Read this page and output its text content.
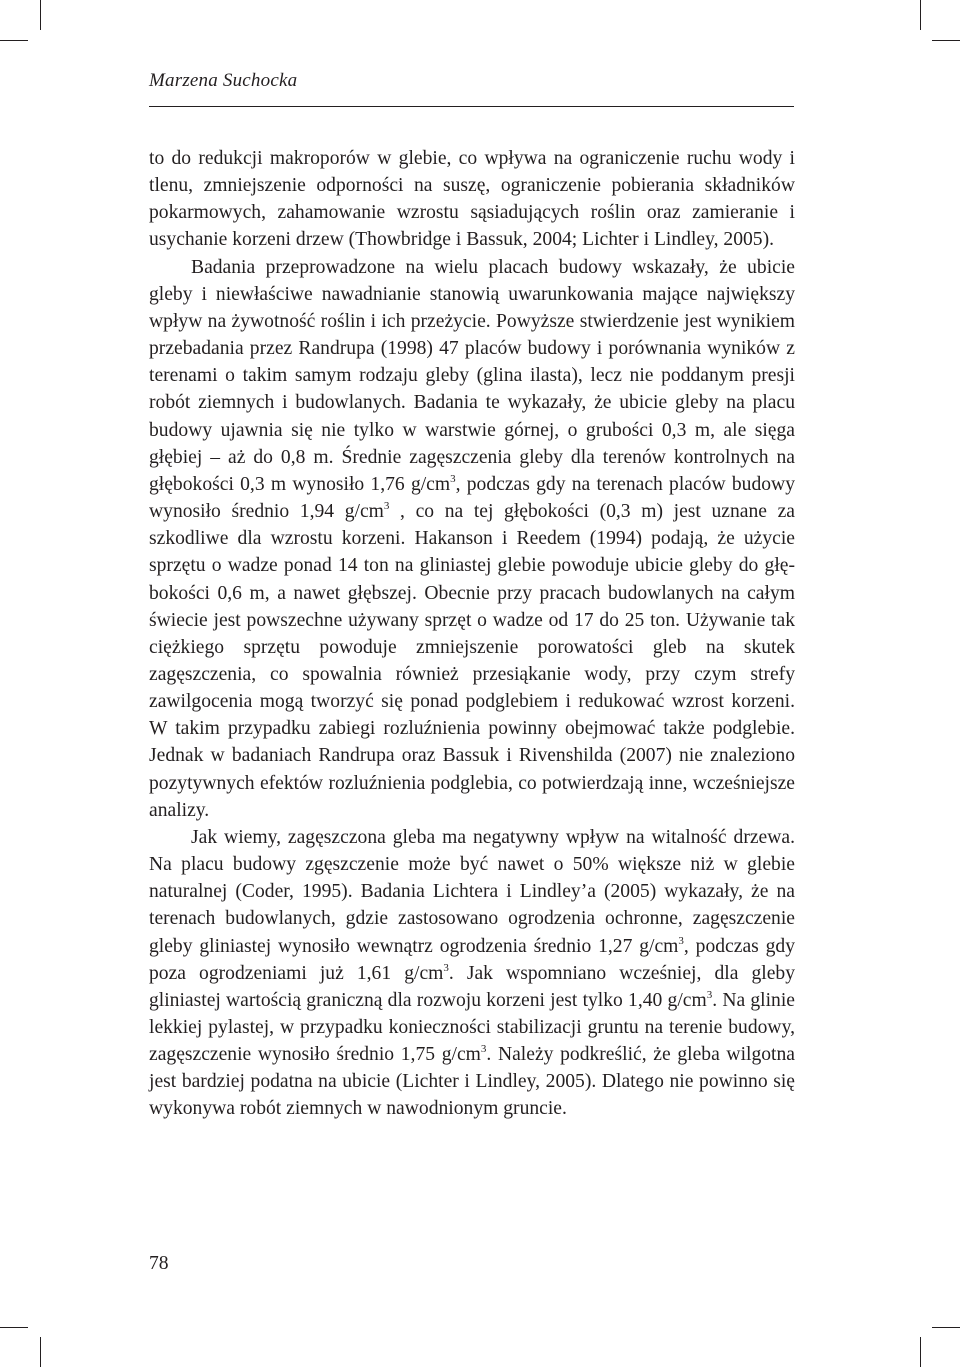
Marzena Suchocka

to do redukcji makroporów w glebie, co wpływa na ograniczenie ruchu wody i tlenu, zmniejszenie odporności na suszę, ograniczenie pobierania składników pokarmowych, zahamowanie wzrostu sąsiadujących roślin oraz zamieranie i usychanie korzeni drzew (Thowbridge i Bassuk, 2004; Lichter i Lindley, 2005).

Badania przeprowadzone na wielu placach budowy wskazały, że ubicie gleby i niewłaściwe nawadnianie stanowią uwarunkowania mające największy wpływ na żywotność roślin i ich przeżycie. Powyższe stwierdzenie jest wynikiem przebadania przez Randrupa (1998) 47 placów budowy i porównania wyników z terenami o takim samym rodzaju gleby (glina ilasta), lecz nie poddanym presji robót ziemnych i budowlanych. Badania te wykazały, że ubicie gleby na placu budowy ujawnia się nie tylko w warstwie górnej, o grubości 0,3 m, ale sięga głębiej – aż do 0,8 m. Średnie zagęszczenia gleby dla terenów kontrolnych na głębokości 0,3 m wynosiło 1,76 $g/cm^3$, podczas gdy na terenach placów budowy wynosiło średnio 1,94 $g/cm^3$ , co na tej głębokości (0,3 m) jest uznane za szkodliwe dla wzrostu korzeni. Hakanson i Reedem (1994) podają, że użycie sprzętu o wadze ponad 14 ton na gliniastej glebie powoduje ubicie gleby do głębokości 0,6 m, a nawet głębszej. Obecnie przy pracach budowlanych na całym świecie jest powszechne używany sprzęt o wadze od 17 do 25 ton. Używanie tak ciężkiego sprzętu powoduje zmniejszenie porowatości gleb na skutek zagęszczenia, co spowalnia również przesiąkanie wody, przy czym strefy zawilgocenia mogą tworzyć się ponad podglebiem i redukować wzrost korzeni. W takim przypadku zabiegi rozluźnienia powinny obejmować także podglebie. Jednak w badaniach Randrupa oraz Bassuk i Rivenshilda (2007) nie znaleziono pozytywnych efektów rozluźnienia podglebia, co potwierdzają inne, wcześniejsze analizy.

Jak wiemy, zagęszczona gleba ma negatywny wpływ na witalność drzewa. Na placu budowy zgęszczenie może być nawet o 50% większe niż w glebie naturalnej (Coder, 1995). Badania Lichtera i Lindley’a (2005) wykazały, że na terenach budowlanych, gdzie zastosowano ogrodzenia ochronne, zagęszczenie gleby gliniastej wynosiło wewnątrz ogrodzenia średnio 1,27 $g/cm^3$, podczas gdy poza ogrodzeniami już 1,61 $g/cm^3$. Jak wspomniano wcześniej, dla gleby gliniastej wartością graniczną dla rozwoju korzeni jest tylko 1,40 $g/cm^3$. Na glinie lekkiej pylastej, w przypadku konieczności stabilizacji gruntu na terenie budowy, zagęszczenie wynosiło średnio 1,75 $g/cm^3$. Należy podkreślić, że gleba wilgotna jest bardziej podatna na ubicie (Lichter i Lindley, 2005). Dlatego nie powinno się wykonywa robót ziemnych w nawodnionym gruncie.

78
